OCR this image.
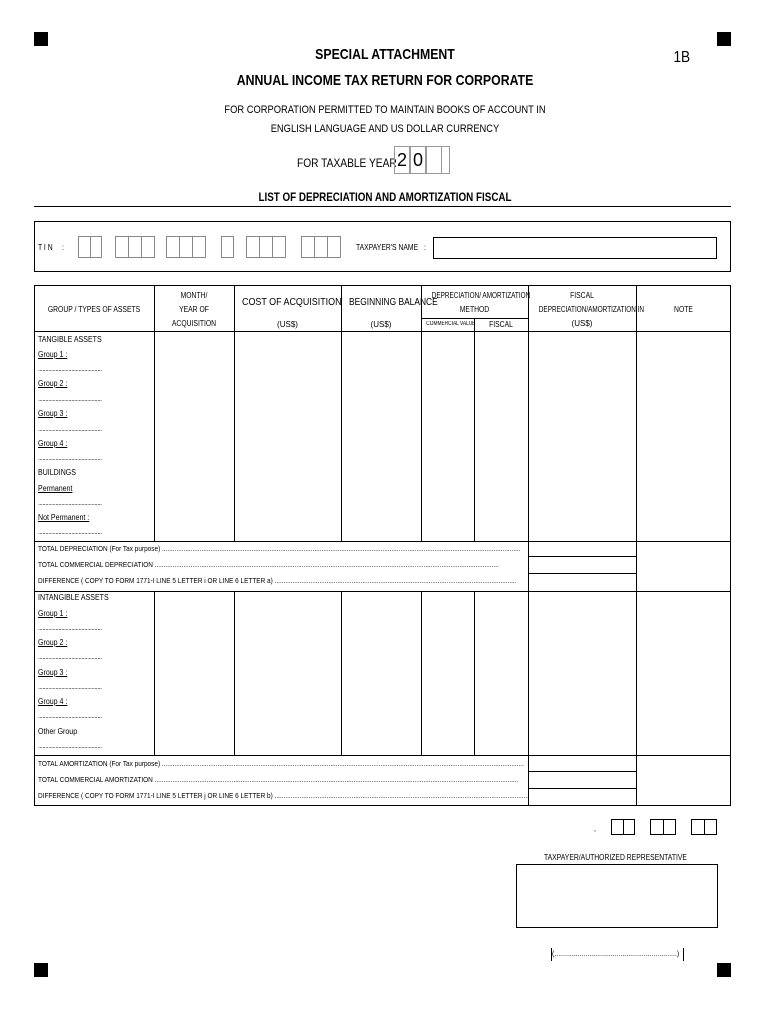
SPECIAL ATTACHMENT
ANNUAL INCOME TAX RETURN FOR CORPORATE
1B
FOR CORPORATION PERMITTED TO MAINTAIN BOOKS OF ACCOUNT IN
ENGLISH LANGUAGE AND US DOLLAR CURRENCY
FOR TAXABLE YEAR 2 0
LIST OF DEPRECIATION AND AMORTIZATION FISCAL
T I N :	TAXPAYER'S NAME :
GROUP / TYPES OF ASSETS
MONTH/
YEAR OF
ACQUISITION
COST OF ACQUISITION
(US$)
BEGINNING BALANCE
(US$)
DEPRECIATION/ AMORTIZATION
METHOD
COMMERCIAL VALUE	FISCAL
FISCAL
DEPRECIATION/AMORTIZATION IN
(US$)
NOTE
TANGIBLE ASSETS
Group 1 :
............................................
Group 2 :
............................................
Group 3 :
............................................
Group 4 :
............................................
BUILDINGS
Permanent
............................................
Not Permanent :
............................................
TOTAL DEPRECIATION (For Tax purpose) ........................................................................................................................................................................................................
TOTAL COMMERCIAL DEPRECIATION ................................................................................................................................................................................................
DIFFERENCE ( COPY TO FORM 1771-I LINE 5 LETTER i OR LINE 6 LETTER a) .......................................................................................................................................
INTANGIBLE ASSETS
Group 1 :
............................................
Group 2 :
............................................
Group 3 :
............................................
Group 4 :
............................................
Other Group
............................................
TOTAL AMORTIZATION (For Tax purpose) ..........................................................................................................................................................................................................
TOTAL COMMERCIAL AMORTIZATION ...........................................................................................................................................................................................................
DIFFERENCE ( COPY TO FORM 1771-I LINE 5 LETTER j OR LINE 6 LETTER b) ..............................................................................................................................................
,
TAXPAYER/AUTHORIZED REPRESENTATIVE
(...............................................................)
